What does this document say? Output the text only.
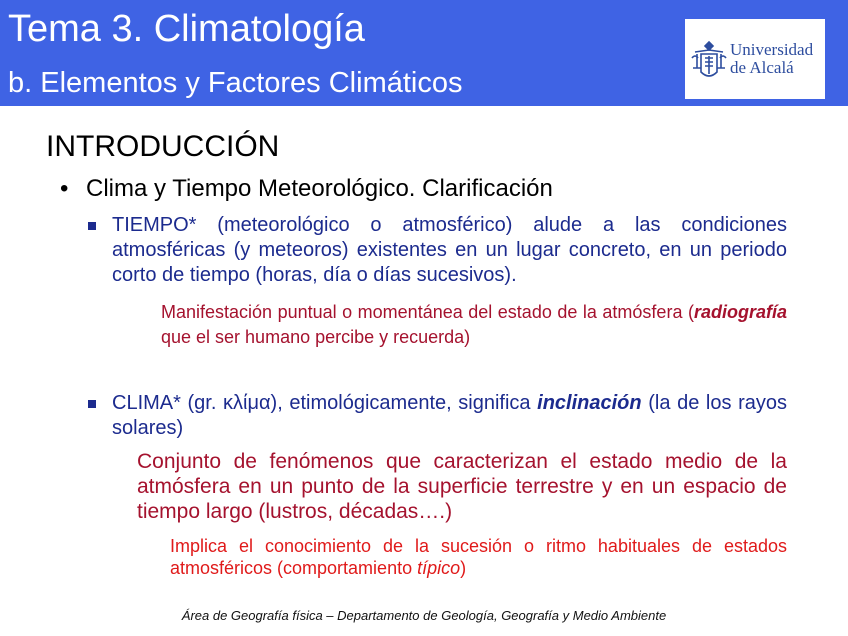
Tema 3. Climatología
b. Elementos y Factores Climáticos
Universidad
de Alcalá
INTRODUCCIÓN
• Clima y Tiempo Meteorológico. Clarificación
TIEMPO* (meteorológico o atmosférico) alude a las condiciones atmosféricas (y meteoros) existentes en un lugar concreto, en un periodo corto de tiempo (horas, día o días sucesivos).
Manifestación puntual o momentánea del estado de la atmósfera (radiografía que el ser humano percibe y recuerda)
CLIMA* (gr. κλίμα), etimológicamente, significa inclinación (la de los rayos solares)
Conjunto de fenómenos que caracterizan el estado medio de la atmósfera en un punto de la superficie terrestre y en un espacio de tiempo largo (lustros, décadas….)
Implica el conocimiento de la sucesión o ritmo habituales de estados atmosféricos (comportamiento típico)
Área de Geografía física – Departamento de Geología, Geografía y Medio Ambiente
